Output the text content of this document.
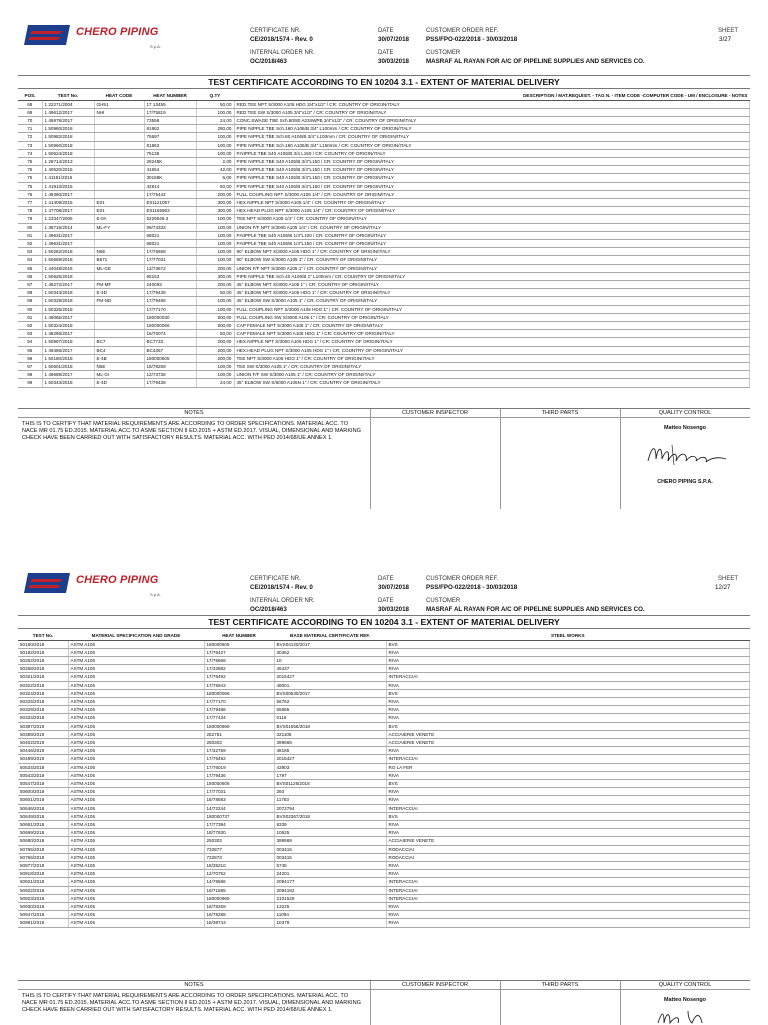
CHERO PIPING
S.p.A.
CERTIFICATE NR.
CE/2018/1574 - Rev. 0
DATE
30/07/2018
CUSTOMER ORDER REF.
PSS/FPO-022/2018 - 30/03/2018
SHEET
3/27
INTERNAL ORDER NR.
OC/2018/463
DATE
30/03/2018
CUSTOMER
MASRAF AL RAYAN FOR A/C OF PIPELINE SUPPLIES AND SERVICES CO.
TEST CERTIFICATE ACCORDING TO EN 10204 3.1 - EXTENT OF MATERIAL DELIVERY
POS.	TEST No.	HEAT CODE	HEAT NUMBER	Q.TY	DESCRIPTION / MAT.REQUISIT. - TAG N. - ITEM CODE -COMPUTER CODE - UM / ENCLOSURE - NOTES
68	1 22271/2004	GH91	17 13455	50,00	RED.TEE NPT S/3000 A105 HDG 3/4"x1/2" / CR: COUNTRY OF ORIGIN/ITALY
69	1 49612/2017	NHI	17/75819	100,00	RED.TEE SW S/3000 A105 3/4"x1/2" / CR: COUNTRY OF ORIGIN/ITALY
70	1 46978/2017		73558	24,00	CONC.SWAGE TBE Sch.80/80 A234WPB 3/4"x1/2" / CR: COUNTRY OF ORIGIN/ITALY
71	1 50960/2018		81862	250,00	PIPE NIPPLE TBE Sch.160 A106/B 3/4" L100mm / CR: COUNTRY OF ORIGIN/ITALY
72	1 50982/2018		75697	100,00	PIPE NIPPLE TBE Sch.80 A106/B 3/4" L100mm / CR: COUNTRY OF ORIGIN/ITALY
73	1 50960/2018		81862	100,00	PIPE NIPPLE TBE Sch.160 A106/B 3/4" L150mm / CR: COUNTRY OF ORIGIN/ITALY
74	1 50624/2018		75136	100,00	P.NIPPLE TBE S40 A106/B 3/4 L150 / CR: COUNTRY OF ORIGIN/ITALY
75	1 26714/2013		28248K	2,00	PIPE NIPPLE TBE S40 A106/B 3/4"L150 / CR: COUNTRY OF ORIGIN/ITALY
75	1 40520/2015		41654	42,00	PIPE NIPPLE TBE S40 A106/B 3/4"L150 / CR: COUNTRY OF ORIGIN/ITALY
75	1 41191/2015		30168K	6,00	PIPE NIPPLE TBE S40 A106/B 3/4"L150 / CR: COUNTRY OF ORIGIN/ITALY
75	1 41913/2015		42914	50,00	PIPE NIPPLE TBE S40 A106/B 3/4"L150 / CR: COUNTRY OF ORIGIN/ITALY
76	1 49380/2017		17/75442	200,00	FULL COUPLING NPT S/3000 A105 1/4" / CR: COUNTRY OF ORIGIN/ITALY
77	1 41409/2015	E01	E01121057	300,00	HEX.NIPPLE NPT S/3000 A105 1/4" / CR: COUNTRY OF ORIGIN/ITALY
78	1 47708/2017	E01	E01165963	300,00	HEX.HEAD PLUG NPT S/3000 A105 1/4" / CR: COUNTRY OF ORIGIN/ITALY
79	1 23347/2005	E-0A	5229048.3	100,00	TEE NPT S/3000 A105 1/4" / CR: COUNTRY OF ORIGIN/ITALY
80	1 38716/2014	ML-FY	09/74333	100,00	UNION F/F NPT S/3000 A105 1/4" / CR: COUNTRY OF ORIGIN/ITALY
81	1 49631/2017		68021	100,00	P.NIPPLE TBE S40 A106/B 1/4"L100 / CR: COUNTRY OF ORIGIN/ITALY
82	1 49631/2017		68021	100,00	P.NIPPLE TBE S40 A106/B 1/4"L150 / CR: COUNTRY OF ORIGIN/ITALY
83	1 50262/2018	N5E	17/76668	100,00	90° ELBOW NPT S/3000 A105 HDG 1" / CR: COUNTRY OF ORIGIN/ITALY
84	1 50669/2018	B671	17/77031	100,00	90° ELBOW SW S/3000 A105 1" / CR: COUNTRY OF ORIGIN/ITALY
85	1 44048/2016	ML-GE	12/73672	200,00	UNION F/F NPT S/3000 A105 1" / CR: COUNTRY OF ORIGIN/ITALY
86	1 50625/2018		55153	300,00	PIPE NIPPLE TBE Sch.40 A106/B 1" L100mm / CR: COUNTRY OF ORIGIN/ITALY
87	1 48272/2017	FM-MF	240093	200,00	45° ELBOW NPT S/3000 A105 1" / CR: COUNTRY OF ORIGIN/ITALY
88	1 50343/2018	E-4D	17/79438	50,00	45° ELBOW NPT S/3000 A105 HDG 1" / CR: COUNTRY OF ORIGIN/ITALY
89	1 50329/2018	FM-ND	17/79488	100,00	45° ELBOW SW S/3000 A105 1" / CR: COUNTRY OF ORIGIN/ITALY
90	1 50325/2018		17/77170	100,00	FULL COUPLING NPT S/3000 A105 HDG 1" / CR: COUNTRY OF ORIGIN/ITALY
91	1 49065/2017		180000030	500,00	FULL COUPLING SW S/3000 A105 1" / CR: COUNTRY OF ORIGIN/ITALY
92	1 50324/2018		180000066	500,00	CAP FEMALE NPT S/3000 A105 1" / CR: COUNTRY OF ORIGIN/ITALY
93	1 48266/2017		16/70074	50,00	CAP FEMALE NPT S/3000 A105 HDG 1" / CR: COUNTRY OF ORIGIN/ITALY
94	1 50997/2018	BC7	BC7733	200,00	HEX.NIPPLE NPT S/3000 A105 HDG 1" / CR: COUNTRY OF ORIGIN/ITALY
95	1 49486/2017	BC4	BC4367	200,00	HEX.HEAD PLUG NPT S/3000 A105 HDG 1" / CR: COUNTRY OF ORIGIN/ITALY
96	1 50180/2018	E-4B	180000605	200,00	TEE NPT S/3000 A105 HDG 1" / CR: COUNTRY OF ORIGIN/ITALY
97	1 50601/2018	N5E	18/78259	100,00	TEE SW S/3000 A105 1" / CR: COUNTRY OF ORIGIN/ITALY
98	1 49689/2017	ML-GI	12/73738	100,00	UNION F/F SW S/3000 A105 1" / CR: COUNTRY OF ORIGIN/ITALY
99	1 50343/2018	E-4D	17/79438	24,00	45° ELBOW SW S/6000 A105N 1" / CR: COUNTRY OF ORIGIN/ITALY
NOTES	CUSTOMER INSPECTOR	THIRD PARTS	QUALITY CONTROL
THIS IS TO CERTIFY THAT MATERIAL REQUIREMENTS ARE ACCORDING TO ORDER SPECIFICATIONS. MATERIAL ACC. TO NACE MR 01.75 ED.2015. MATERIAL ACC.TO ASME SECTION II ED.2015 + ASTM ED.2017. VISUAL, DIMENSIONAL AND MARKING CHECK HAVE BEEN CARRIED OUT WITH SATISFACTORY RESULTS. MATERIAL ACC. WITH PED 2014/68/UE ANNEX 1.
Matteo Nosengo
CHERO PIPING S.P.A.
CHERO PIPING
S.p.A.
CERTIFICATE NR.
CE/2018/1574 - Rev. 0
DATE
30/07/2018
CUSTOMER ORDER REF.
PSS/FPO-022/2018 - 30/03/2018
SHEET
12/27
INTERNAL ORDER NR.
OC/2018/463
DATE
30/03/2018
CUSTOMER
MASRAF AL RAYAN FOR A/C OF PIPELINE SUPPLIES AND SERVICES CO.
TEST CERTIFICATE ACCORDING TO EN 10204 3.1 - EXTENT OF MATERIAL DELIVERY
TEST No.	MATERIAL SPECIFICATION AND GRADE	HEAT NUMBER	BASE MATERIAL CERTIFICATE REF.	STEEL WORKS
50180/2018	ASTM A105	180000605	BVS04120/2017	BVS
50182/2018	ASTM A105	17/76427	30352	RIVA
50262/2018	ASTM A105	17/76668	10	RIVA
50268/2018	ASTM A105	17/32882	45437	RIVA
50321/2018	ASTM A105	17/76492	2015427	INTERACCIAI
50322/2018	ASTM A105	17/75943	48001	RIVA
50324/2018	ASTM A105	180000066	BVS00530/2017	BVS
50325/2018	ASTM A105	17/77170	56762	RIVA
50329/2018	ASTM A105	17/79488	55665	RIVA
50334/2018	ASTM A105	17/77434	0116	RIVA
50387/2018	ASTM A105	180000969	BVS01658/2018	BVS
50389/2018	ASTM A105	252751	321105	ACCIAIERIE VENETE
50402/2018	ASTM A105	250303	399569	ACCIAIERIE VENETE
50446/2018	ASTM A105	17/32759	48165	RIVA
50489/2018	ASTM A105	17/76492	2015427	INTERACCIAI
50534/2018	ASTM A105	17/76019	43903	RO LA FER
50543/2018	ASTM A105	17/79436	1797	RIVA
50547/2018	ASTM A105	180000606	BVS01126/2018	BVS
50600/2018	ASTM A105	17/77031	393	RIVA
50601/2018	ASTM A105	18/78583	11783	RIVA
50646/2018	ASTM A105	14/72244	2072794	INTERACCIAI
50649/2018	ASTM A105	180000737	BVS02367/2018	BVS
50661/2018	ASTM A105	17/77394	8339	RIVA
50669/2018	ASTM A105	18/77830	10625	RIVA
50680/2018	ASTM A105	250303	399569	ACCIAIERIE VENETE
50765/2018	ASTM A105	732877	003416	RODACCIAI
50766/2018	ASTM A105	732873	003415	RODACCIAI
50877/2018	ASTM A105	18/35210	5745	RIVA
50918/2018	ASTM A105	12/70752	24201	RIVA
50921/2018	ASTM A105	14/75586	2094177	INTERACCIAI
50922/2018	ASTM A105	16/71585	2094182	INTERACCIAI
50923/2018	ASTM A105	180000969	2101529	INTERACCIAI
50930/2018	ASTM A105	18/78259	13225	RIVA
50947/2018	ASTM A105	16/78288	11094	RIVA
50981/2018	ASTM A105	18/38743	10378	RIVA
NOTES	CUSTOMER INSPECTOR	THIRD PARTS	QUALITY CONTROL
THIS IS TO CERTIFY THAT MATERIAL REQUIREMENTS ARE ACCORDING TO ORDER SPECIFICATIONS. MATERIAL ACC. TO NACE MR 01.75 ED.2015. MATERIAL ACC.TO ASME SECTION II ED.2015 + ASTM ED.2017. VISUAL, DIMENSIONAL AND MARKING CHECK HAVE BEEN CARRIED OUT WITH SATISFACTORY RESULTS. MATERIAL ACC. WITH PED 2014/68/UE ANNEX 1.
Matteo Nosengo
